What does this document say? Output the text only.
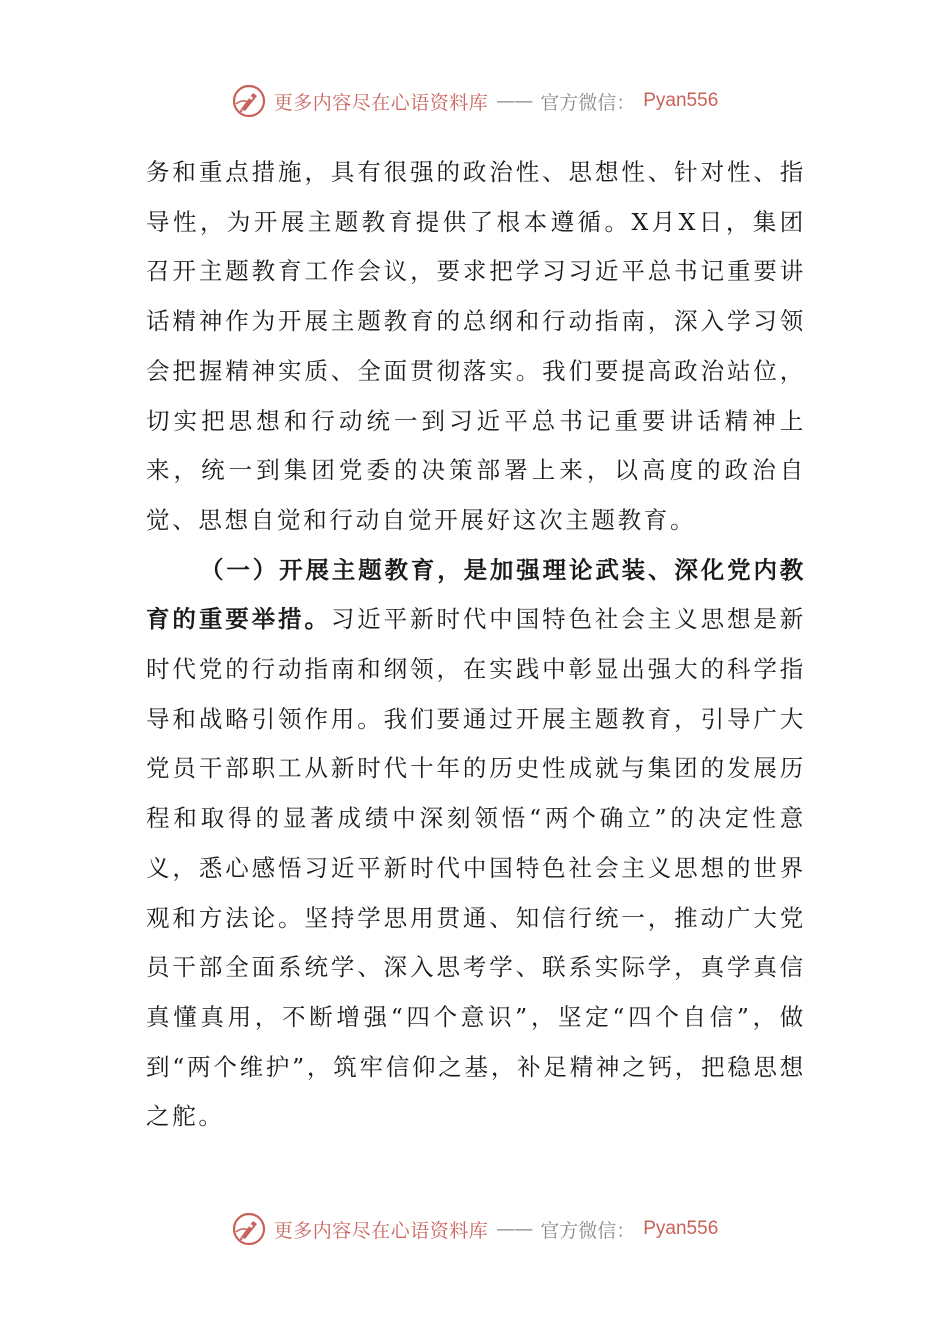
更多内容尽在心语资料库 —— 官方微信： Pyan556

务和重点措施，具有很强的政治性、思想性、针对性、指导性，为开展主题教育提供了根本遵循。X月X日，集团召开主题教育工作会议，要求把学习习近平总书记重要讲话精神作为开展主题教育的总纲和行动指南，深入学习领会把握精神实质、全面贯彻落实。我们要提高政治站位，切实把思想和行动统一到习近平总书记重要讲话精神上来，统一到集团党委的决策部署上来，以高度的政治自觉、思想自觉和行动自觉开展好这次主题教育。

（一）开展主题教育，是加强理论武装、深化党内教育的重要举措。习近平新时代中国特色社会主义思想是新时代党的行动指南和纲领，在实践中彰显出强大的科学指导和战略引领作用。我们要通过开展主题教育，引导广大党员干部职工从新时代十年的历史性成就与集团的发展历程和取得的显著成绩中深刻领悟“两个确立”的决定性意义，悉心感悟习近平新时代中国特色社会主义思想的世界观和方法论。坚持学思用贯通、知信行统一，推动广大党员干部全面系统学、深入思考学、联系实际学，真学真信真懂真用，不断增强“四个意识”，坚定“四个自信”，做到“两个维护”，筑牢信仰之基，补足精神之钙，把稳思想之舵。

更多内容尽在心语资料库 —— 官方微信： Pyan556
